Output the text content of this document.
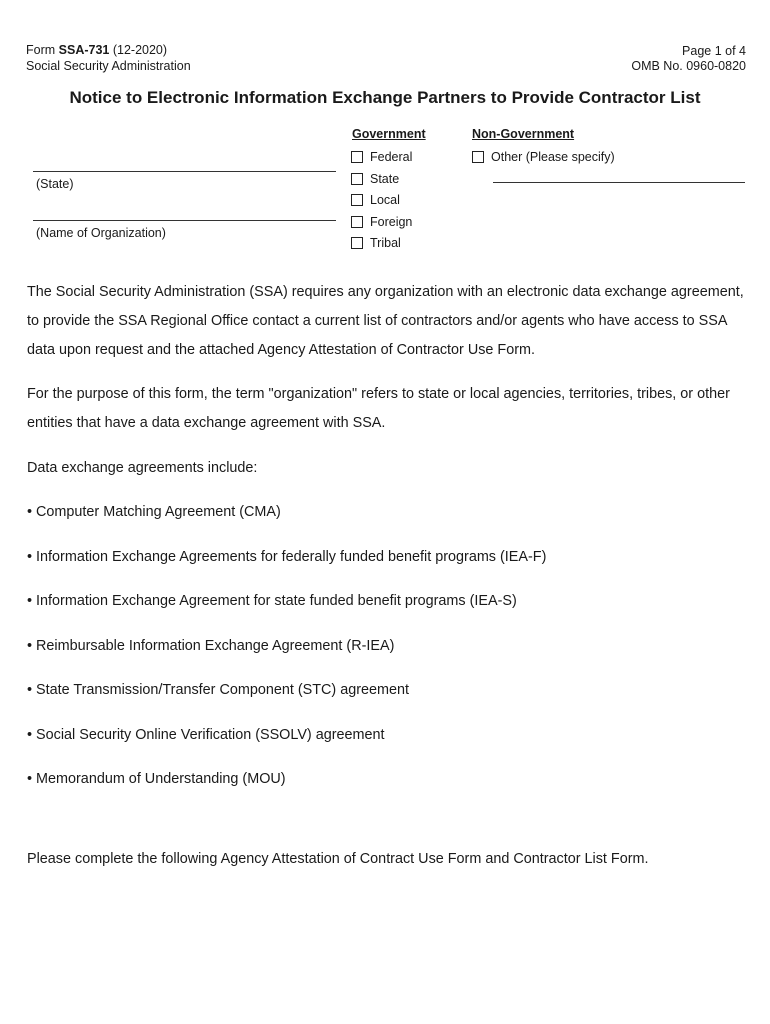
Form SSA-731 (12-2020)
Social Security Administration
Page 1 of 4
OMB No. 0960-0820
Notice to Electronic Information Exchange Partners to Provide Contractor List
(State)
(Name of Organization)
Government
Federal
State
Local
Foreign
Tribal
Non-Government
Other (Please specify)
The Social Security Administration (SSA) requires any organization with an electronic data exchange agreement, to provide the SSA Regional Office contact a current list of contractors and/or agents who have access to SSA data upon request and the attached Agency Attestation of Contractor Use Form.
For the purpose of this form, the term "organization" refers to state or local agencies, territories, tribes, or other entities that have a data exchange agreement with SSA.
Data exchange agreements include:
• Computer Matching Agreement (CMA)
• Information Exchange Agreements for federally funded benefit programs (IEA-F)
• Information Exchange Agreement for state funded benefit programs (IEA-S)
• Reimbursable Information Exchange Agreement (R-IEA)
• State Transmission/Transfer Component (STC) agreement
• Social Security Online Verification (SSOLV) agreement
• Memorandum of Understanding (MOU)
Please complete the following Agency Attestation of Contract Use Form and Contractor List Form.
